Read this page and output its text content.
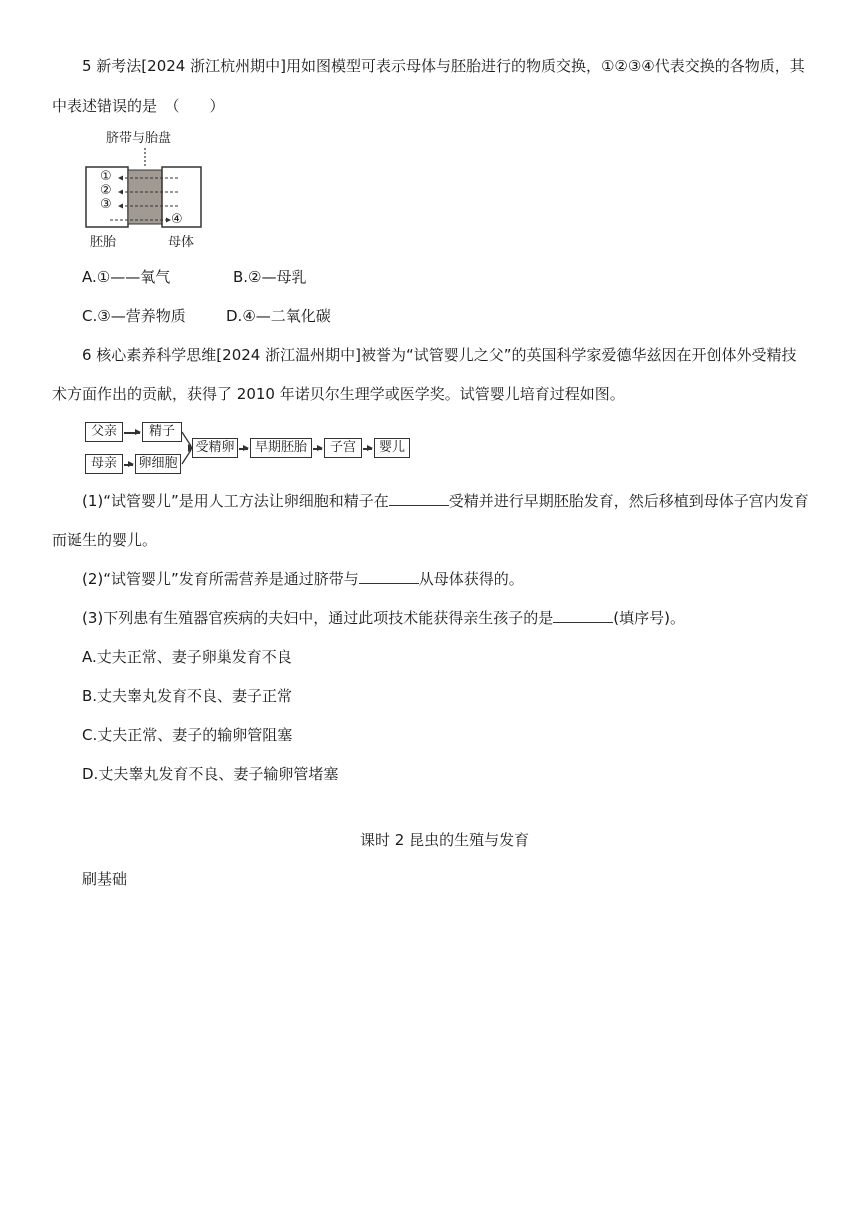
5 新考法[2024 浙江杭州期中]用如图模型可表示母体与胚胎进行的物质交换，①②③④代表交换的各物质，其
中表述错误的是　（　　）
脐带与胎盘
①
②
③
④
胚胎	母体
A.①——氧气	B.②—母乳
C.③—营养物质	D.④—二氧化碳
6 核心素养科学思维[2024 浙江温州期中]被誉为“试管婴儿之父”的英国科学家爱德华兹因在开创体外受精技
术方面作出的贡献，获得了 2010 年诺贝尔生理学或医学奖。试管婴儿培育过程如图。
父亲	精子
母亲	卵细胞
受精卵	早期胚胎	子宫	婴儿
(1)“试管婴儿”是用人工方法让卵细胞和精子在	受精并进行早期胚胎发育，然后移植到母体子宫内发育
而诞生的婴儿。
(2)“试管婴儿”发育所需营养是通过脐带与	从母体获得的。
(3)下列患有生殖器官疾病的夫妇中，通过此项技术能获得亲生孩子的是	(填序号)。
A.丈夫正常、妻子卵巢发育不良
B.丈夫睾丸发育不良、妻子正常
C.丈夫正常、妻子的输卵管阻塞
D.丈夫睾丸发育不良、妻子输卵管堵塞
课时 2 昆虫的生殖与发育
刷基础
